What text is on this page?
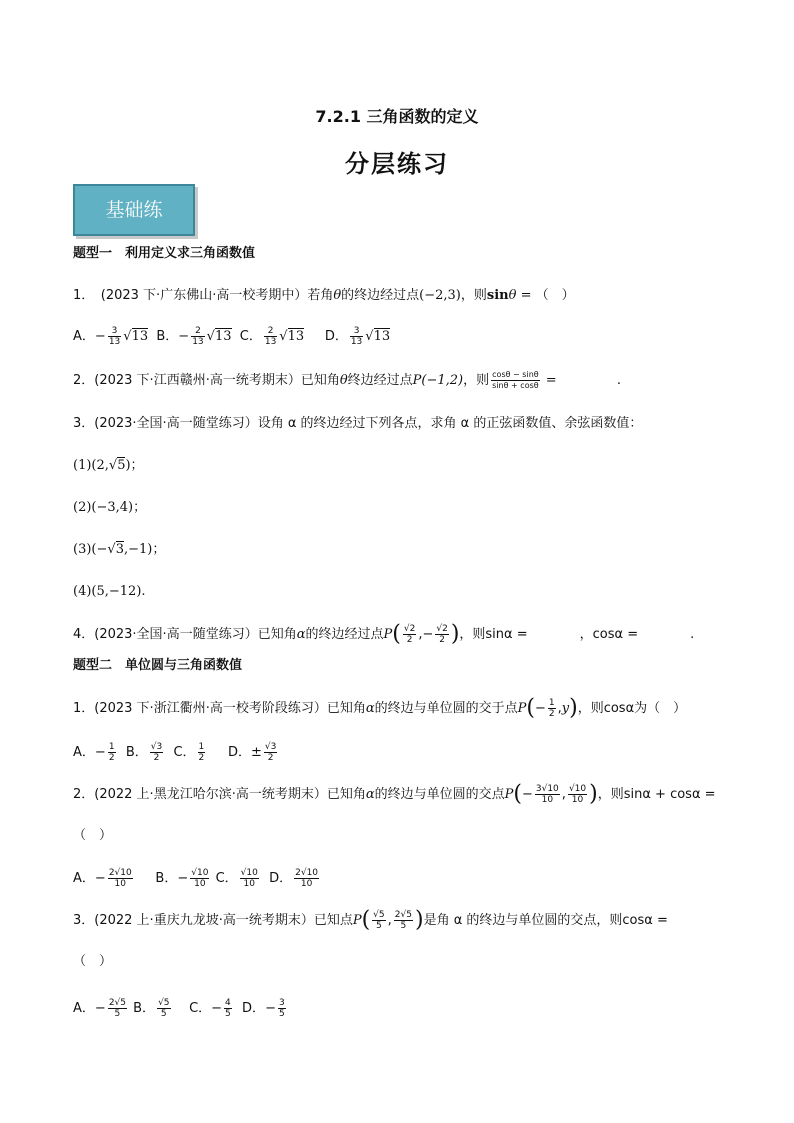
7.2.1 三角函数的定义
分层练习
基础练
题型一　利用定义求三角函数值
1．　(2023 下·广东佛山·高一校考期中）若角θ的终边经过点(−2,3)，则sinθ = （　）
A．− $\frac{3}{13} √13$ B．− $\frac{2}{13} √13$ C． $\frac{2}{13} √13$ D． $\frac{3}{13} √13$
2．(2023 下·江西赣州·高一统考期末）已知角θ终边经过点P(−1,2)，则 $\frac{\cos\theta - \sin\theta}{\sin\theta + \cos\theta}$ =	.
3．(2023·全国·高一随堂练习）设角 α 的终边经过下列各点，求角 α 的正弦函数值、余弦函数值：
(1)(2,√5)；
(2)(−3,4)；
(3)(−√3,−1)；
(4)(5,−12).
4．(2023·全国·高一随堂练习）已知角α的终边经过点$P( \frac{√2}{2}$ ,− $\frac{√2}{2}$ )，则sinα =	，cosα =	.
题型二　单位圆与三角函数值
1．(2023 下·浙江衢州·高一校考阶段练习）已知角α的终边与单位圆的交于点$P(- \frac{1}{2} ,y)$，则cosα为（　）
A．− $\frac{1}{2}$ B． $\frac{√3}{2}$ C． $\frac{1}{2}$ D．± $\frac{√3}{2}$
2．(2022 上·黑龙江哈尔滨·高一统考期末）已知角α的终边与单位圆的交点$P(- \frac{3√10}{10}$ , $\frac{√10}{10}$ )，则sinα + cosα =
（　）
A．− $\frac{2√10}{10}$ B．− $\frac{√10}{10}$ C． $\frac{√10}{10}$ D． $\frac{2√10}{10}$
3．(2022 上·重庆九龙坡·高一统考期末）已知点$P( \frac{√5}{5}$ , $\frac{2√5}{5}$ )是角 α 的终边与单位圆的交点，则cosα =
（　）
A．− $\frac{2√5}{5}$ B． $\frac{√5}{5}$ C．− $\frac{4}{5}$ D．− $\frac{3}{5}$
